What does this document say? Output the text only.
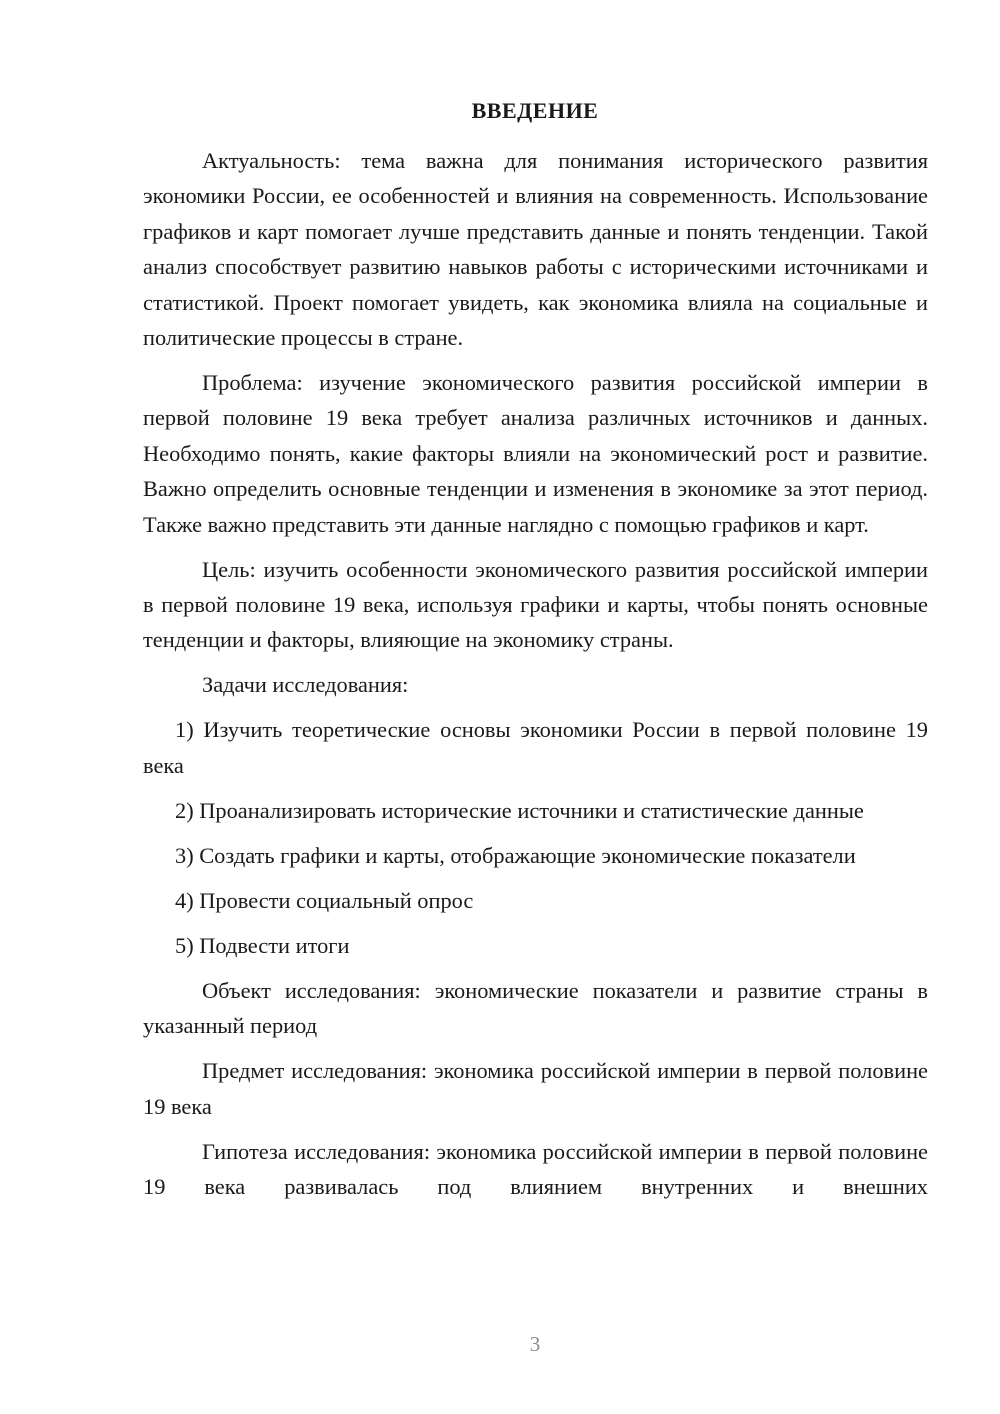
ВВЕДЕНИЕ

Актуальность: тема важна для понимания исторического развития экономики России, ее особенностей и влияния на современность. Использование графиков и карт помогает лучше представить данные и понять тенденции. Такой анализ способствует развитию навыков работы с историческими источниками и статистикой. Проект помогает увидеть, как экономика влияла на социальные и политические процессы в стране.

Проблема: изучение экономического развития российской империи в первой половине 19 века требует анализа различных источников и данных. Необходимо понять, какие факторы влияли на экономический рост и развитие. Важно определить основные тенденции и изменения в экономике за этот период. Также важно представить эти данные наглядно с помощью графиков и карт.

Цель: изучить особенности экономического развития российской империи в первой половине 19 века, используя графики и карты, чтобы понять основные тенденции и факторы, влияющие на экономику страны.

Задачи исследования:

1) Изучить теоретические основы экономики России в первой половине 19 века

2) Проанализировать исторические источники и статистические данные

3) Создать графики и карты, отображающие экономические показатели

4) Провести социальный опрос

5) Подвести итоги

Объект исследования: экономические показатели и развитие страны в указанный период

Предмет исследования: экономика российской империи в первой половине 19 века

Гипотеза исследования: экономика российской империи в первой половине 19 века развивалась под влиянием внутренних и внешних

3
